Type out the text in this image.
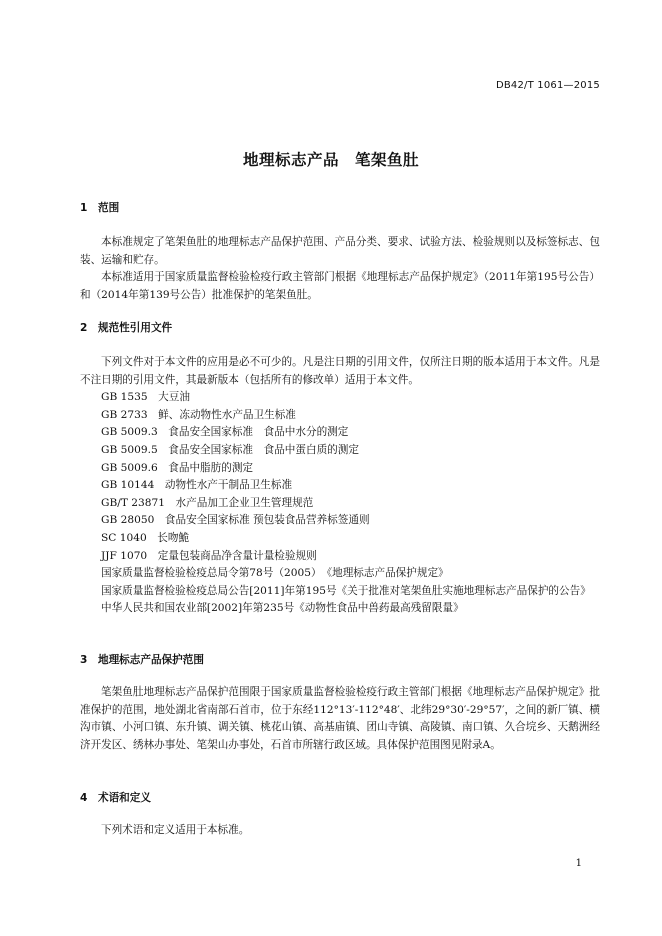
DB42/T 1061—2015
地理标志产品　笔架鱼肚
1 范围

本标准规定了笔架鱼肚的地理标志产品保护范围、产品分类、要求、试验方法、检验规则以及标签标志、包装、运输和贮存。

本标准适用于国家质量监督检验检疫行政主管部门根据《地理标志产品保护规定》（2011年第195号公告）和（2014年第139号公告）批准保护的笔架鱼肚。

2 规范性引用文件

下列文件对于本文件的应用是必不可少的。凡是注日期的引用文件，仅所注日期的版本适用于本文件。凡是不注日期的引用文件，其最新版本（包括所有的修改单）适用于本文件。

GB 1535　大豆油
GB 2733　鲜、冻动物性水产品卫生标准
GB 5009.3　食品安全国家标准　食品中水分的测定
GB 5009.5　食品安全国家标准　食品中蛋白质的测定
GB 5009.6　食品中脂肪的测定
GB 10144　动物性水产干制品卫生标准
GB/T 23871　水产品加工企业卫生管理规范
GB 28050　食品安全国家标准 预包装食品营养标签通则
SC 1040　长吻鮠
JJF 1070　定量包装商品净含量计量检验规则
国家质量监督检验检疫总局令第78号（2005）　《地理标志产品保护规定》

国家质量监督检验检疫总局公告[2011]年第195号《关于批准对笔架鱼肚实施地理标志产品保护的公告》

中华人民共和国农业部[2002]年第235号《动物性食品中兽药最高残留限量》
3 地理标志产品保护范围

笔架鱼肚地理标志产品保护范围限于国家质量监督检验检疫行政主管部门根据《地理标志产品保护规定》批准保护的范围，地处湖北省南部石首市，位于东经112°13′-112°48′、北纬29°30′-29°57′，之间的新厂镇、横沟市镇、小河口镇、东升镇、调关镇、桃花山镇、高基庙镇、团山寺镇、高陵镇、南口镇、久合垸乡、天鹅洲经济开发区、绣林办事处、笔架山办事处，石首市所辖行政区域。具体保护范围图见附录A。

4 术语和定义

下列术语和定义适用于本标准。

1
